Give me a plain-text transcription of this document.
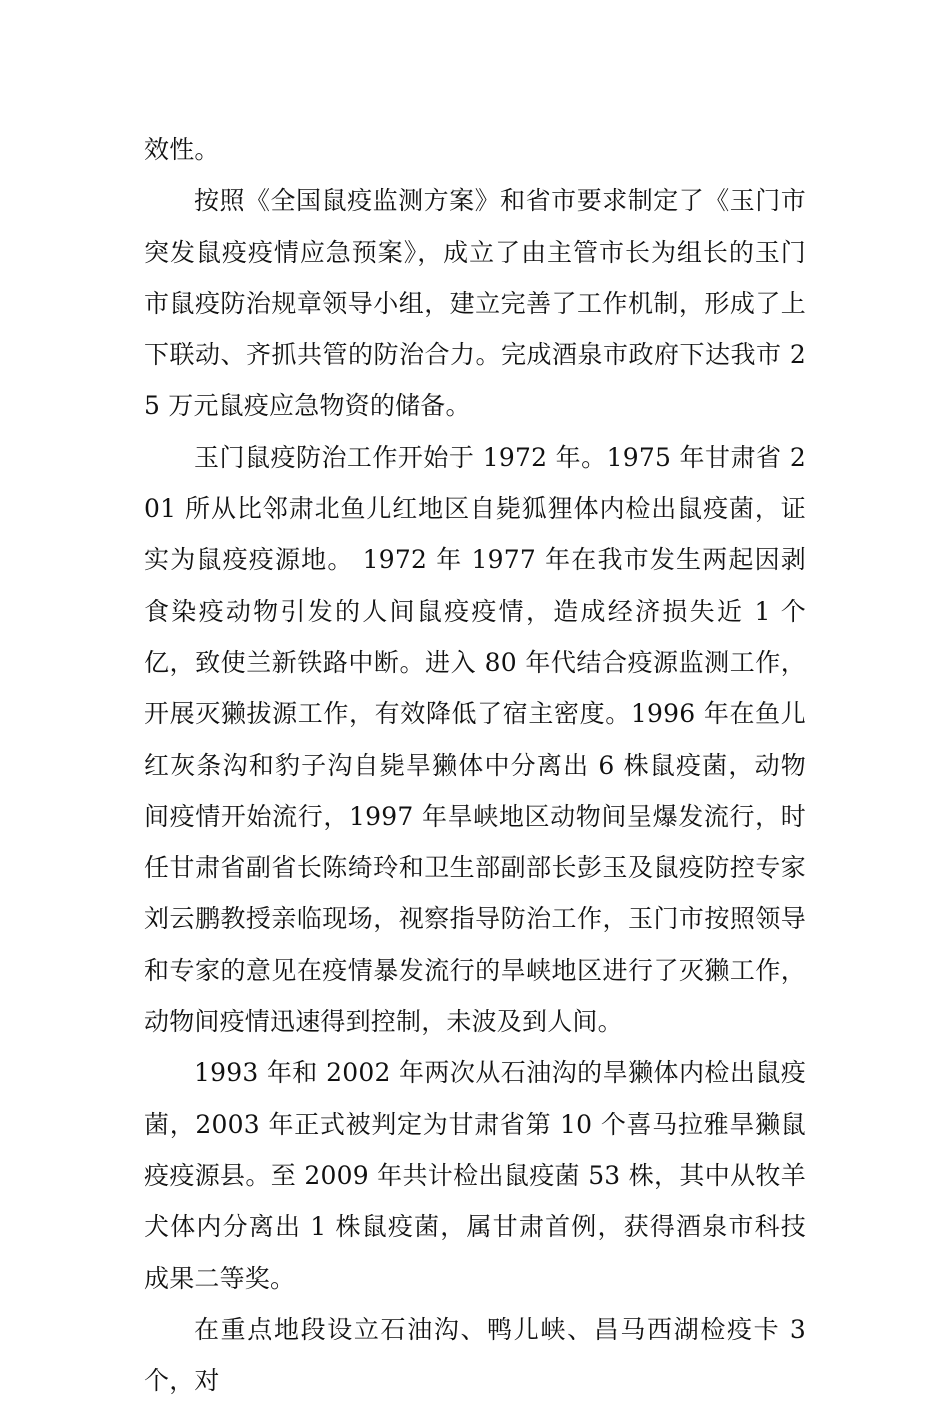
效性。

按照《全国鼠疫监测方案》和省市要求制定了《玉门市突发鼠疫疫情应急预案》，成立了由主管市长为组长的玉门市鼠疫防治规章领导小组，建立完善了工作机制，形成了上下联动、齐抓共管的防治合力。完成酒泉市政府下达我市 25 万元鼠疫应急物资的储备。

玉门鼠疫防治工作开始于 1972 年。1975 年甘肃省 201 所从比邻肃北鱼儿红地区自毙狐狸体内检出鼠疫菌，证实为鼠疫疫源地。 1972 年 1977 年在我市发生两起因剥食染疫动物引发的人间鼠疫疫情，造成经济损失近 1 个亿，致使兰新铁路中断。进入 80 年代结合疫源监测工作，开展灭獭拔源工作，有效降低了宿主密度。1996 年在鱼儿红灰条沟和豹子沟自毙旱獭体中分离出 6 株鼠疫菌，动物间疫情开始流行，1997 年旱峡地区动物间呈爆发流行，时任甘肃省副省长陈绮玲和卫生部副部长彭玉及鼠疫防控专家刘云鹏教授亲临现场，视察指导防治工作，玉门市按照领导和专家的意见在疫情暴发流行的旱峡地区进行了灭獭工作，动物间疫情迅速得到控制，未波及到人间。

1993 年和 2002 年两次从石油沟的旱獭体内检出鼠疫菌，2003 年正式被判定为甘肃省第 10 个喜马拉雅旱獭鼠疫疫源县。至 2009 年共计检出鼠疫菌 53 株，其中从牧羊犬体内分离出 1 株鼠疫菌，属甘肃首例，获得酒泉市科技成果二等奖。

在重点地段设立石油沟、鸭儿峡、昌马西湖检疫卡 3 个，对
